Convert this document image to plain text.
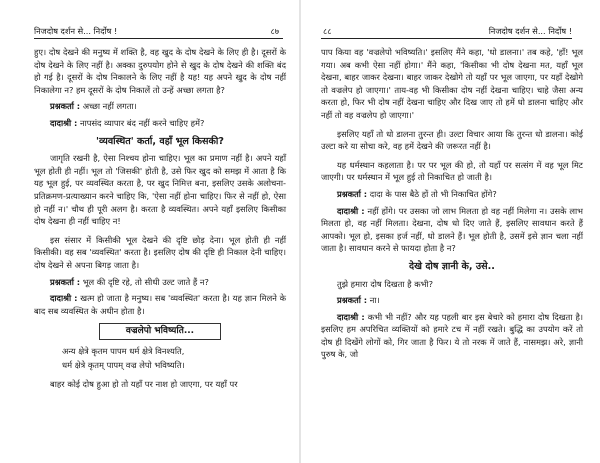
निजदोष दर्शन से... निर्दोष !	८७

हुए। दोष देखने की मनुष्य में शक्ति है, वह खुद के दोष देखने के लिए ही है। दूसरों के दोष देखने के लिए नहीं है। अक्का दुरुपयोग होने से खुद के दोष देखने की शक्ति बंद हो गई है। दूसरों के दोष निकालने के लिए नहीं है यह! यह अपने खुद के दोष नहीं निकालेगा न? हम दूसरों के दोष निकालें तो उन्हें अच्छा लगता है?

प्रश्नकर्ता : अच्छा नहीं लगता।

दादाश्री : नापसंद व्यापार बंद नहीं करने चाहिए हमें?

'व्यवस्थित' कर्ता, वहाँ भूल किसकी?

जागृति रखनी है, ऐसा निश्चय होना चाहिए। भूल का प्रमाण नहीं है। अपने यहाँ भूल होती ही नहीं। भूल तो 'जिसकी' होती है, उसे फिर खुद को समझ में आता है कि यह भूल हुई, पर व्यवस्थित करता है, पर खुद निमित्त बना, इसलिए उसके अलोचना-प्रतिक्रमण-प्रत्याख्यान करने चाहिए कि, 'ऐसा नहीं होना चाहिए। फिर से नहीं हो, ऐसा हो नहीं न।' चौथ ही पूरी अलग है। करता है व्यवस्थित। अपने यहाँ इसलिए किसीका दोष देखना ही नहीं चाहिए न!

इस संसार में किसीकी भूल देखने की दृष्टि छोड़ देना। भूल होती ही नहीं किसीकी। वह सब 'व्यवस्थित' करता है। इसलिए दोष की दृष्टि ही निकाल देनी चाहिए। दोष देखने से अपना बिगड़ जाता है।

प्रश्नकर्ता : भूल की दृष्टि रहे, तो सीधी उल्ट जाते हैं न?

दादाश्री : खत्म हो जाता है मनुष्य। सब 'व्यवस्थित' करता है। यह ज्ञान मिलने के बाद सब व्यवस्थित के अधीन होता है।

वज्रलेपो भविष्यति...

अन्य क्षेत्रे कृतम पापम धर्म क्षेत्रे विनश्यति,

धर्म क्षेत्रे कृतम् पापम् वज्र लेपो भविष्यति।

बाहर कोई दोष हुआ हो तो यहाँ पर नाश हो जाएगा, पर यहाँ पर

८८	निजदोष दर्शन से... निर्दोष !

पाप किया वह 'वज्रलेपो भविष्यति।' इसलिए मैंने कहा, 'धो डालना।' तब कहे, 'हाँ! भूल गया। अब कभी ऐसा नहीं होगा।' मैंने कहा, 'किसीका भी दोष देखना मत, यहाँ भूल देखना, बाहर जाकर देखना। बाहर जाकर देखोगे तो यहाँ पर भूल जाएगा, पर यहाँ देखोगे तो वज्रलेप हो जाएगा।' ताय-वह भी किसीका दोष नहीं देखना चाहिए। चाहे जैसा अन्य करता हो, फिर भी दोष नहीं देखना चाहिए और दिख जाए तो हमें धो डालना चाहिए और नहीं तो वह वज्रलेप हो जाएगा।'

इसलिए यहाँ तो धो डालना तुरन्त ही। उल्टा विचार आया कि तुरन्त धो डालना। कोई उल्टा करे या सोचा करे, वह हमें देखने की जरूरत नहीं है।

यह धर्मस्थान कहलाता है। पर पर भूल की हो, तो यहाँ पर सत्संग में वह भूल मिट जाएगी। पर धर्मस्थान में भूल हुई तो निकाचित हो जाती है।

प्रश्नकर्ता : दादा के पास बैठे हों तो भी निकाचित होंगे?

दादाश्री : नहीं होंगे। पर उसका जो लाभ मिलता हो वह नहीं मिलेगा न। उसके लाभ मिलता हो, वह नहीं मिलता। देखना, दोष धो दिए जाते हैं, इसलिए सावधान करते हैं आपको। भूल हो, इसका हर्ज नहीं, धो डालने हैं। भूल होती है, उसमें इसे ज्ञान चला नहीं जाता है। सावधान करने से फायदा होता है न?

देखे दोष ज्ञानी के, उसे..

तुझे हमारा दोष दिखता है कभी?

प्रश्नकर्ता : ना।

दादाश्री : कभी भी नहीं? और यह पहली बार इस बेचारे को हमारा दोष दिखता है। इसलिए हम अपरिचित व्यक्तियों को हमारे टच में नहीं रखते। बुद्धि का उपयोग करें तो दोष ही दिखेंगे लोगों को, गिर जाता है फिर। ये तो नरक में जाते हैं, नासमझ। अरे, ज्ञानी पुरुष के, जो
